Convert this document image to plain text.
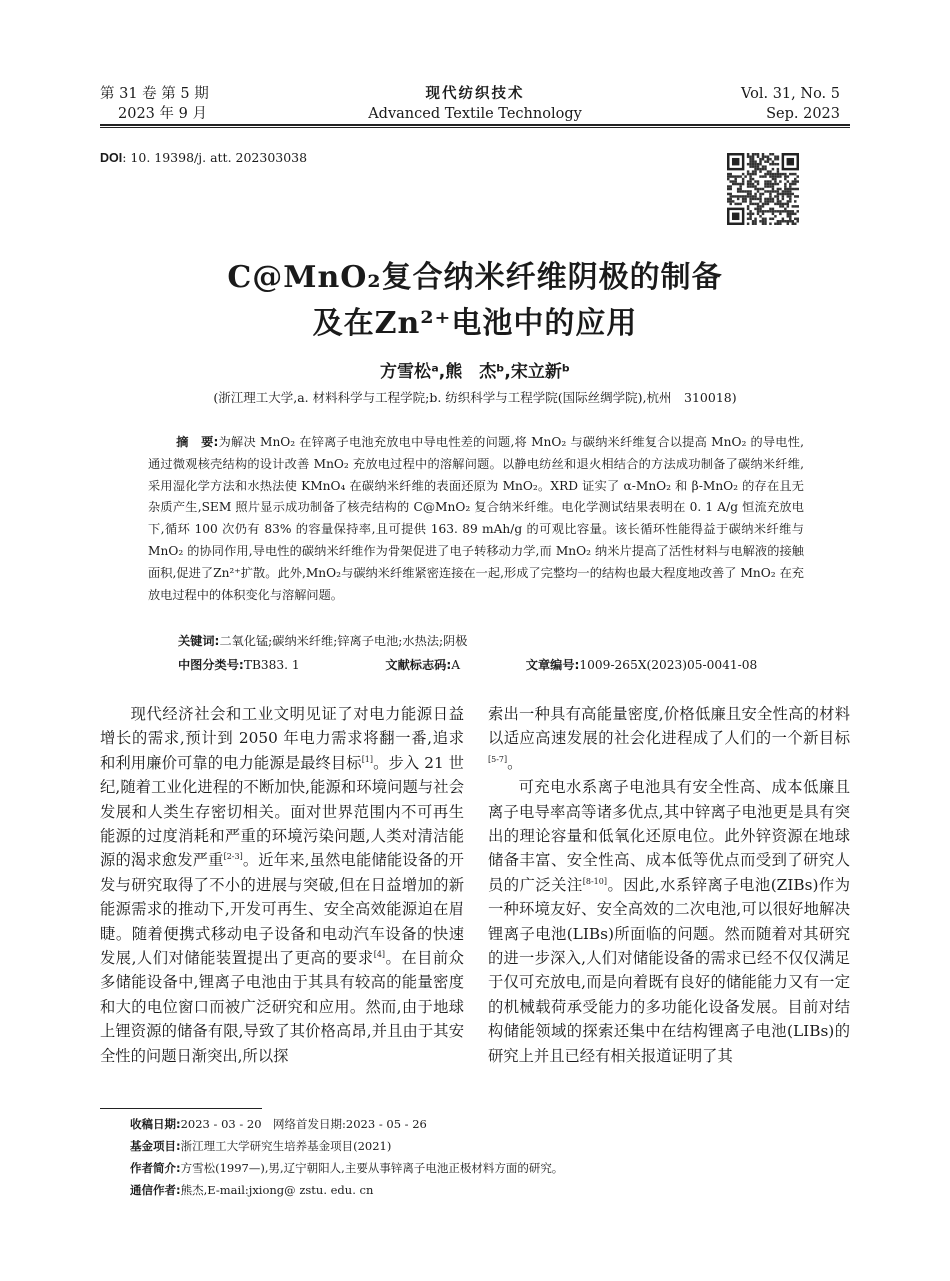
第 31 卷 第 5 期
2023 年 9 月
现代纺织技术
Advanced Textile Technology
Vol. 31, No. 5
Sep. 2023
DOI: 10. 19398/j. att. 202303038
C@MnO₂复合纳米纤维阴极的制备
及在Zn²⁺电池中的应用
方雪松ᵃ,熊　杰ᵇ,宋立新ᵇ
(浙江理工大学,a. 材料科学与工程学院;b. 纺织科学与工程学院(国际丝绸学院),杭州　310018)
摘　要:为解决 MnO₂ 在锌离子电池充放电中导电性差的问题,将 MnO₂ 与碳纳米纤维复合以提高 MnO₂ 的导电性,通过微观核壳结构的设计改善 MnO₂ 充放电过程中的溶解问题。以静电纺丝和退火相结合的方法成功制备了碳纳米纤维,采用湿化学方法和水热法使 KMnO₄ 在碳纳米纤维的表面还原为 MnO₂。XRD 证实了 α-MnO₂ 和 β-MnO₂ 的存在且无杂质产生,SEM 照片显示成功制备了核壳结构的 C@MnO₂ 复合纳米纤维。电化学测试结果表明在 0. 1 A/g 恒流充放电下,循环 100 次仍有 83% 的容量保持率,且可提供 163. 89 mAh/g 的可观比容量。该长循环性能得益于碳纳米纤维与 MnO₂ 的协同作用,导电性的碳纳米纤维作为骨架促进了电子转移动力学,而 MnO₂ 纳米片提高了活性材料与电解液的接触面积,促进了Zn²⁺扩散。此外,MnO₂与碳纳米纤维紧密连接在一起,形成了完整均一的结构也最大程度地改善了 MnO₂ 在充放电过程中的体积变化与溶解问题。
关键词:二氧化锰;碳纳米纤维;锌离子电池;水热法;阴极
中图分类号:TB383. 1	文献标志码:A	文章编号:1009-265X(2023)05-0041-08

现代经济社会和工业文明见证了对电力能源日益增长的需求,预计到 2050 年电力需求将翻一番,追求和利用廉价可靠的电力能源是最终目标[1]。步入 21 世纪,随着工业化进程的不断加快,能源和环境问题与社会发展和人类生存密切相关。面对世界范围内不可再生能源的过度消耗和严重的环境污染问题,人类对清洁能源的渴求愈发严重[2-3]。近年来,虽然电能储能设备的开发与研究取得了不小的进展与突破,但在日益增加的新能源需求的推动下,开发可再生、安全高效能源迫在眉睫。随着便携式移动电子设备和电动汽车设备的快速发展,人们对储能装置提出了更高的要求[4]。在目前众多储能设备中,锂离子电池由于其具有较高的能量密度和大的电位窗口而被广泛研究和应用。然而,由于地球上锂资源的储备有限,导致了其价格高昂,并且由于其安全性的问题日渐突出,所以探

索出一种具有高能量密度,价格低廉且安全性高的材料以适应高速发展的社会化进程成了人们的一个新目标[5-7]。

可充电水系离子电池具有安全性高、成本低廉且离子电导率高等诸多优点,其中锌离子电池更是具有突出的理论容量和低氧化还原电位。此外锌资源在地球储备丰富、安全性高、成本低等优点而受到了研究人员的广泛关注[8-10]。因此,水系锌离子电池(ZIBs)作为一种环境友好、安全高效的二次电池,可以很好地解决锂离子电池(LIBs)所面临的问题。然而随着对其研究的进一步深入,人们对储能设备的需求已经不仅仅满足于仅可充放电,而是向着既有良好的储能能力又有一定的机械载荷承受能力的多功能化设备发展。目前对结构储能领域的探索还集中在结构锂离子电池(LIBs)的研究上并且已经有相关报道证明了其

收稿日期:2023 - 03 - 20　网络首发日期:2023 - 05 - 26
基金项目:浙江理工大学研究生培养基金项目(2021)
作者简介:方雪松(1997—),男,辽宁朝阳人,主要从事锌离子电池正极材料方面的研究。
通信作者:熊杰,E-mail:jxiong@ zstu. edu. cn
